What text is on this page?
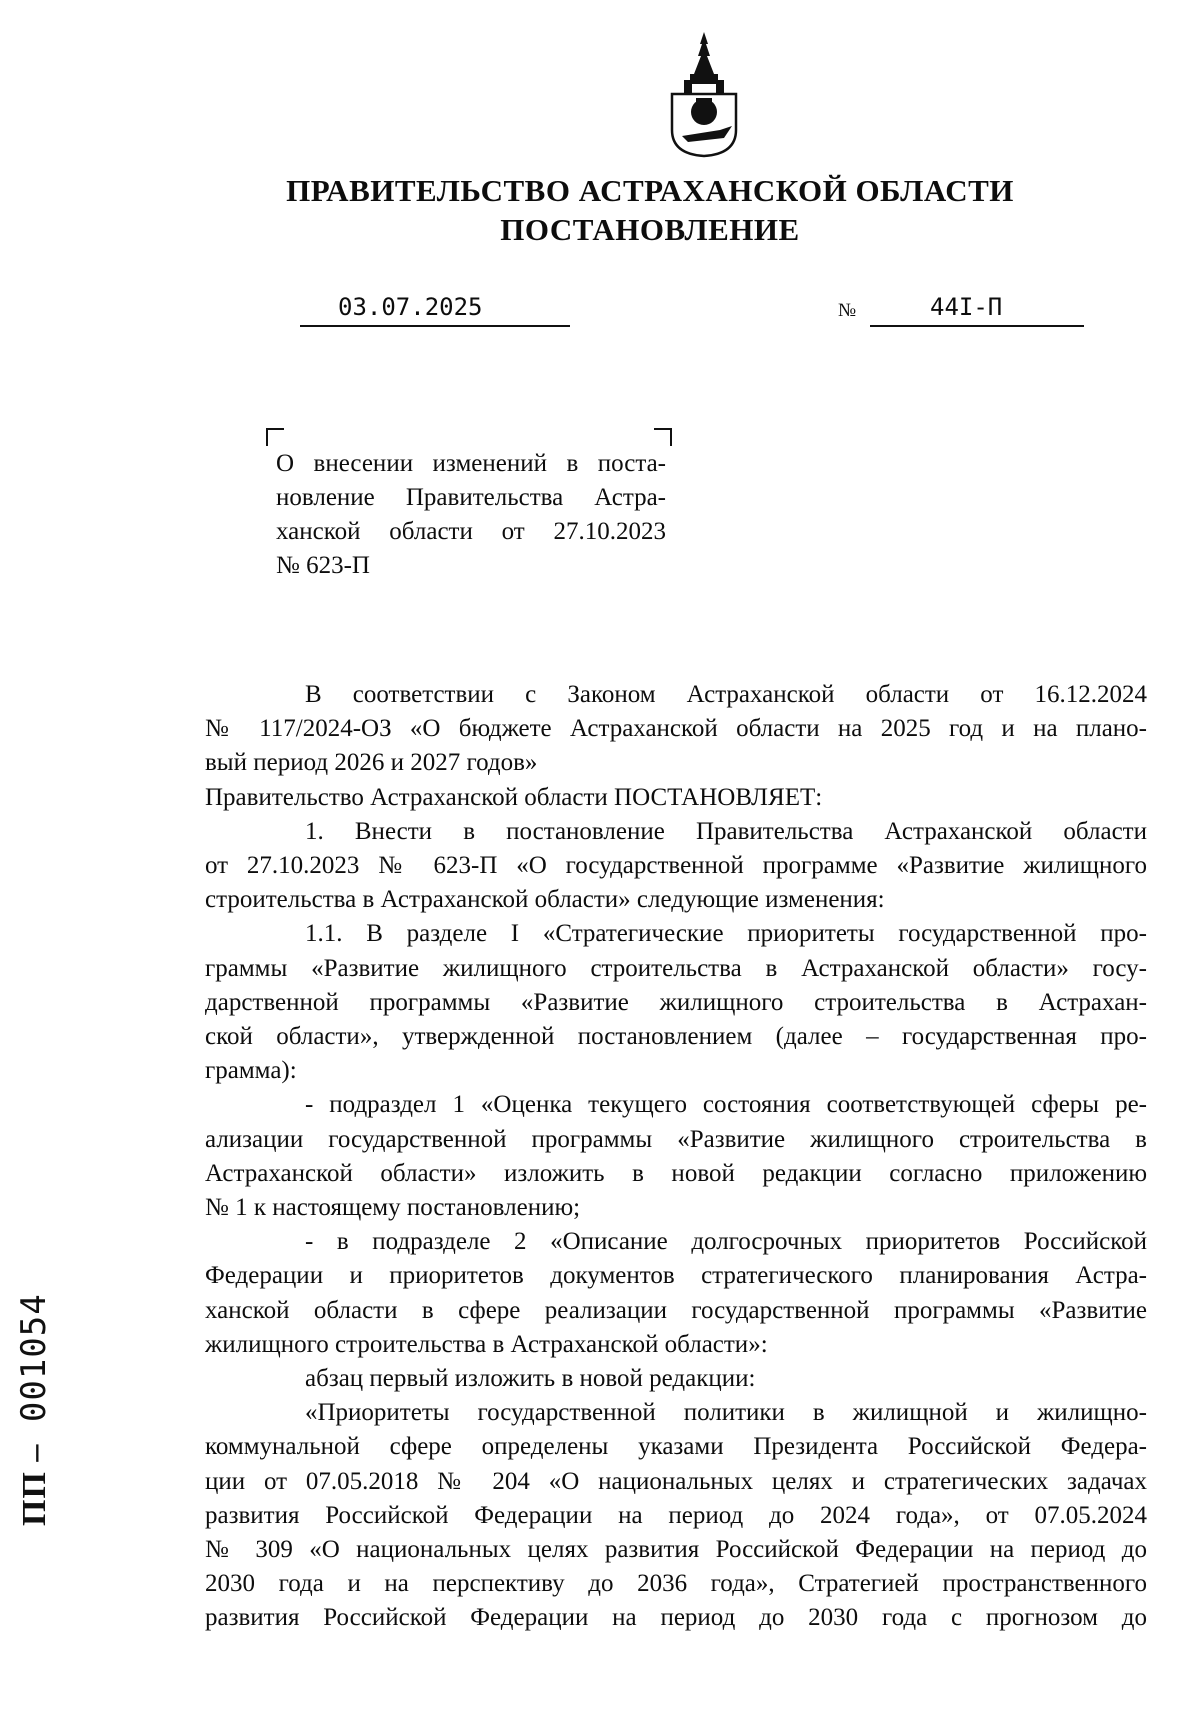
ПРАВИТЕЛЬСТВО АСТРАХАНСКОЙ ОБЛАСТИ
ПОСТАНОВЛЕНИЕ
03.07.2025	№	44I-П
О внесении изменений в поста-
новление Правительства Астра-
ханской области от 27.10.2023
№ 623-П
В соответствии с Законом Астраханской области от 16.12.2024
№ 117/2024-ОЗ «О бюджете Астраханской области на 2025 год и на плано-
вый период 2026 и 2027 годов»
Правительство Астраханской области ПОСТАНОВЛЯЕТ:
1. Внести в постановление Правительства Астраханской области
от 27.10.2023 № 623-П «О государственной программе «Развитие жилищного
строительства в Астраханской области» следующие изменения:
1.1. В разделе I «Стратегические приоритеты государственной про-
граммы «Развитие жилищного строительства в Астраханской области» госу-
дарственной программы «Развитие жилищного строительства в Астрахан-
ской области», утвержденной постановлением (далее – государственная про-
грамма):
- подраздел 1 «Оценка текущего состояния соответствующей сферы ре-
ализации государственной программы «Развитие жилищного строительства в
Астраханской области» изложить в новой редакции согласно приложению
№ 1 к настоящему постановлению;
- в подразделе 2 «Описание долгосрочных приоритетов Российской
Федерации и приоритетов документов стратегического планирования Астра-
ханской области в сфере реализации государственной программы «Развитие
жилищного строительства в Астраханской области»:
абзац первый изложить в новой редакции:
«Приоритеты государственной политики в жилищной и жилищно-
коммунальной сфере определены указами Президента Российской Федера-
ции от 07.05.2018 № 204 «О национальных целях и стратегических задачах
развития Российской Федерации на период до 2024 года», от 07.05.2024
№ 309 «О национальных целях развития Российской Федерации на период до
2030 года и на перспективу до 2036 года», Стратегией пространственного
развития Российской Федерации на период до 2030 года с прогнозом до
ПП – 001054
